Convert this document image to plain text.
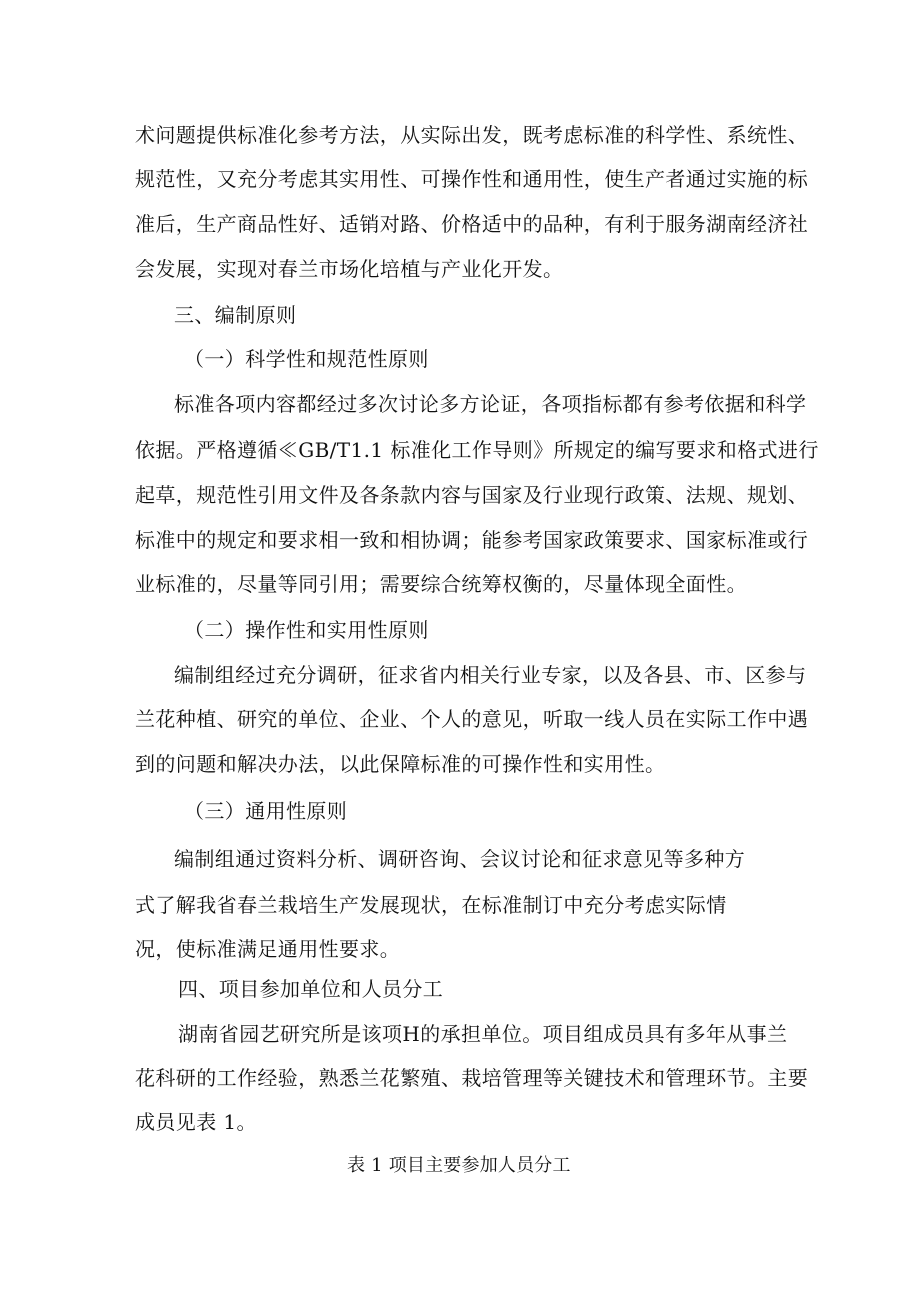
术问题提供标准化参考方法，从实际出发，既考虑标准的科学性、系统性、
规范性，又充分考虑其实用性、可操作性和通用性，使生产者通过实施的标
准后，生产商品性好、适销对路、价格适中的品种，有利于服务湖南经济社
会发展，实现对春兰市场化培植与产业化开发。
三、编制原则
（一）科学性和规范性原则
标准各项内容都经过多次讨论多方论证，各项指标都有参考依据和科学
依据。严格遵循≪GB/T1.1 标准化工作导则》所规定的编写要求和格式进行
起草，规范性引用文件及各条款内容与国家及行业现行政策、法规、规划、
标准中的规定和要求相一致和相协调；能参考国家政策要求、国家标准或行
业标准的，尽量等同引用；需要综合统筹权衡的，尽量体现全面性。
（二）操作性和实用性原则
编制组经过充分调研，征求省内相关行业专家，以及各县、市、区参与
兰花种植、研究的单位、企业、个人的意见，听取一线人员在实际工作中遇
到的问题和解决办法，以此保障标准的可操作性和实用性。
（三）通用性原则
编制组通过资料分析、调研咨询、会议讨论和征求意见等多种方
式了解我省春兰栽培生产发展现状，在标准制订中充分考虑实际情
况，使标准满足通用性要求。
四、项目参加单位和人员分工
湖南省园艺研究所是该项H的承担单位。项目组成员具有多年从事兰
花科研的工作经验，熟悉兰花繁殖、栽培管理等关键技术和管理环节。主要
成员见表 1。
表 1 项目主要参加人员分工
